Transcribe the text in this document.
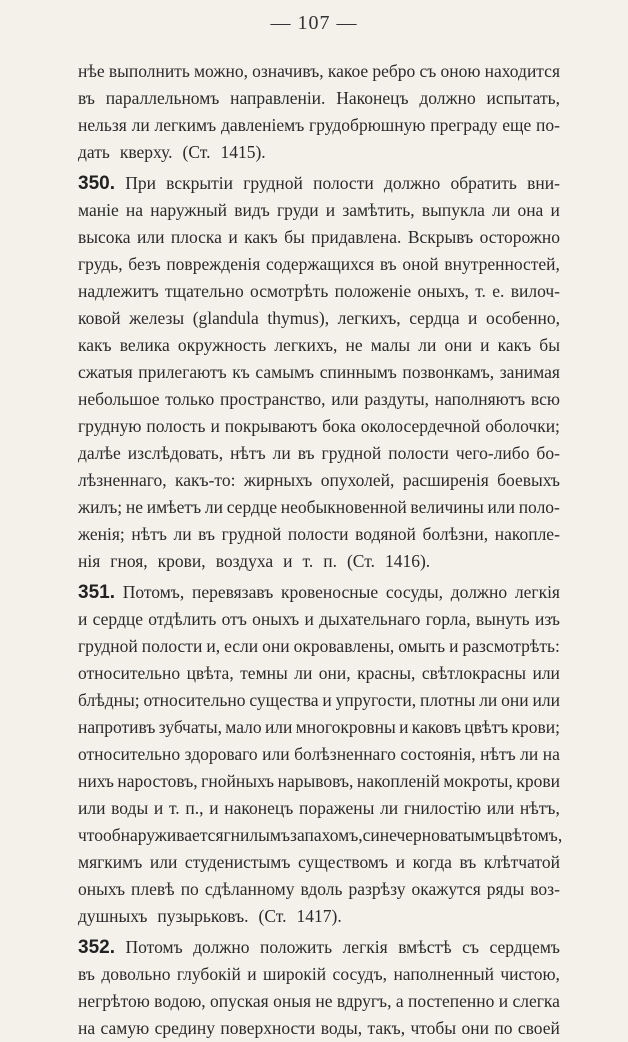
— 107 —
нѣе выполнить можно, означивъ, какое ребро съ оною находится
въ параллельномъ направленіи. Наконецъ должно испытать,
нельзя ли легкимъ давленіемъ грудобрюшную преграду еще по-
дать кверху. (Ст. 1415).
350. При вскрытіи грудной полости должно обратить вни-
маніе на наружный видъ груди и замѣтить, выпукла ли она и
высока или плоска и какъ бы придавлена. Вскрывъ осторожно
грудь, безъ поврежденія содержащихся въ оной внутренностей,
надлежитъ тщательно осмотрѣть положеніе оныхъ, т. е. вилоч-
ковой железы (glandula thymus), легкихъ, сердца и особенно,
какъ велика окружность легкихъ, не малы ли они и какъ бы
сжатыя прилегаютъ къ самымъ спиннымъ позвонкамъ, занимая
небольшое только пространство, или раздуты, наполняютъ всю
грудную полость и покрываютъ бока околосердечной оболочки;
далѣе изслѣдовать, нѣтъ ли въ грудной полости чего-либо бо-
лѣзненнаго, какъ-то: жирныхъ опухолей, расширенія боевыхъ
жилъ; не имѣетъ ли сердце необыкновенной величины или поло-
женія; нѣтъ ли въ грудной полости водяной болѣзни, накопле-
нія гноя, крови, воздуха и т. п. (Ст. 1416).
351. Потомъ, перевязавъ кровеносные сосуды, должно легкія
и сердце отдѣлить отъ оныхъ и дыхательнаго горла, вынуть изъ
грудной полости и, если они окровавлены, омыть и разсмотрѣть:
относительно цвѣта, темны ли они, красны, свѣтлокрасны или
блѣдны; относительно существа и упругости, плотны ли они или
напротивъ зубчаты, мало или многокровны и каковъ цвѣтъ крови;
относительно здороваго или болѣзненнаго состоянія, нѣтъ ли на
нихъ наростовъ, гнойныхъ нарывовъ, накопленій мокроты, крови
или воды и т. п., и наконецъ поражены ли гнилостію или нѣтъ,
что обнаруживается гнилымъ запахомъ, синечерноватымъ цвѣтомъ,
мягкимъ или студенистымъ существомъ и когда въ клѣтчатой
оныхъ плевѣ по сдѣланному вдоль разрѣзу окажутся ряды воз-
душныхъ пузырьковъ. (Ст. 1417).
352. Потомъ должно положить легкія вмѣстѣ съ сердцемъ
въ довольно глубокій и широкій сосудъ, наполненный чистою,
негрѣтою водою, опуская оныя не вдругъ, а постепенно и слегка
на самую средину поверхности воды, такъ, чтобы они по своей
